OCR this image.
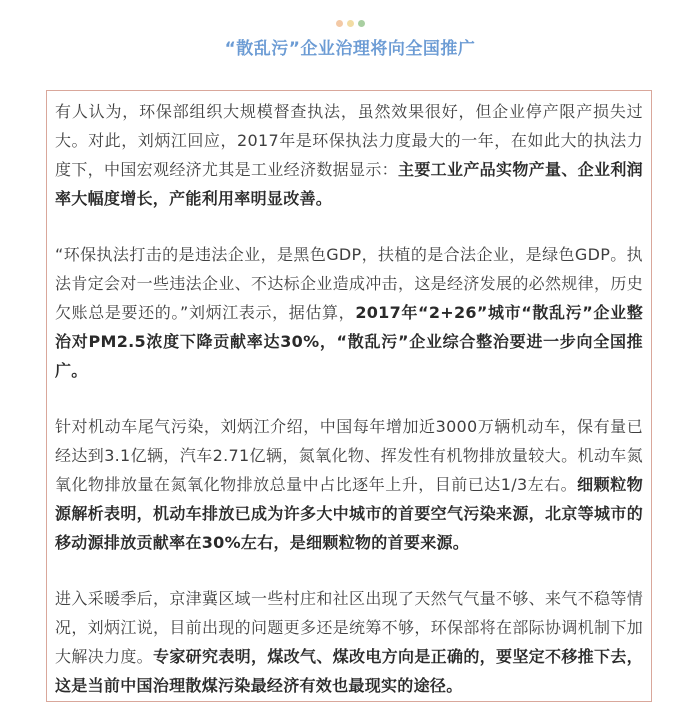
“散乱污”企业治理将向全国推广

有人认为，环保部组织大规模督查执法，虽然效果很好，但企业停产限产损失过大。对此，刘炳江回应，2017年是环保执法力度最大的一年，在如此大的执法力度下，中国宏观经济尤其是工业经济数据显示：主要工业产品实物产量、企业利润率大幅度增长，产能利用率明显改善。

“环保执法打击的是违法企业，是黑色GDP，扶植的是合法企业，是绿色GDP。执法肯定会对一些违法企业、不达标企业造成冲击，这是经济发展的必然规律，历史欠账总是要还的。”刘炳江表示，据估算，2017年“2+26”城市“散乱污”企业整治对PM2.5浓度下降贡献率达30%，“散乱污”企业综合整治要进一步向全国推广。

针对机动车尾气污染，刘炳江介绍，中国每年增加近3000万辆机动车，保有量已经达到3.1亿辆，汽车2.71亿辆，氮氧化物、挥发性有机物排放量较大。机动车氮氧化物排放量在氮氧化物排放总量中占比逐年上升，目前已达1/3左右。细颗粒物源解析表明，机动车排放已成为许多大中城市的首要空气污染来源，北京等城市的移动源排放贡献率在30%左右，是细颗粒物的首要来源。

进入采暖季后，京津冀区域一些村庄和社区出现了天然气气量不够、来气不稳等情况，刘炳江说，目前出现的问题更多还是统筹不够，环保部将在部际协调机制下加大解决力度。专家研究表明，煤改气、煤改电方向是正确的，要坚定不移推下去，这是当前中国治理散煤污染最经济有效也最现实的途径。
